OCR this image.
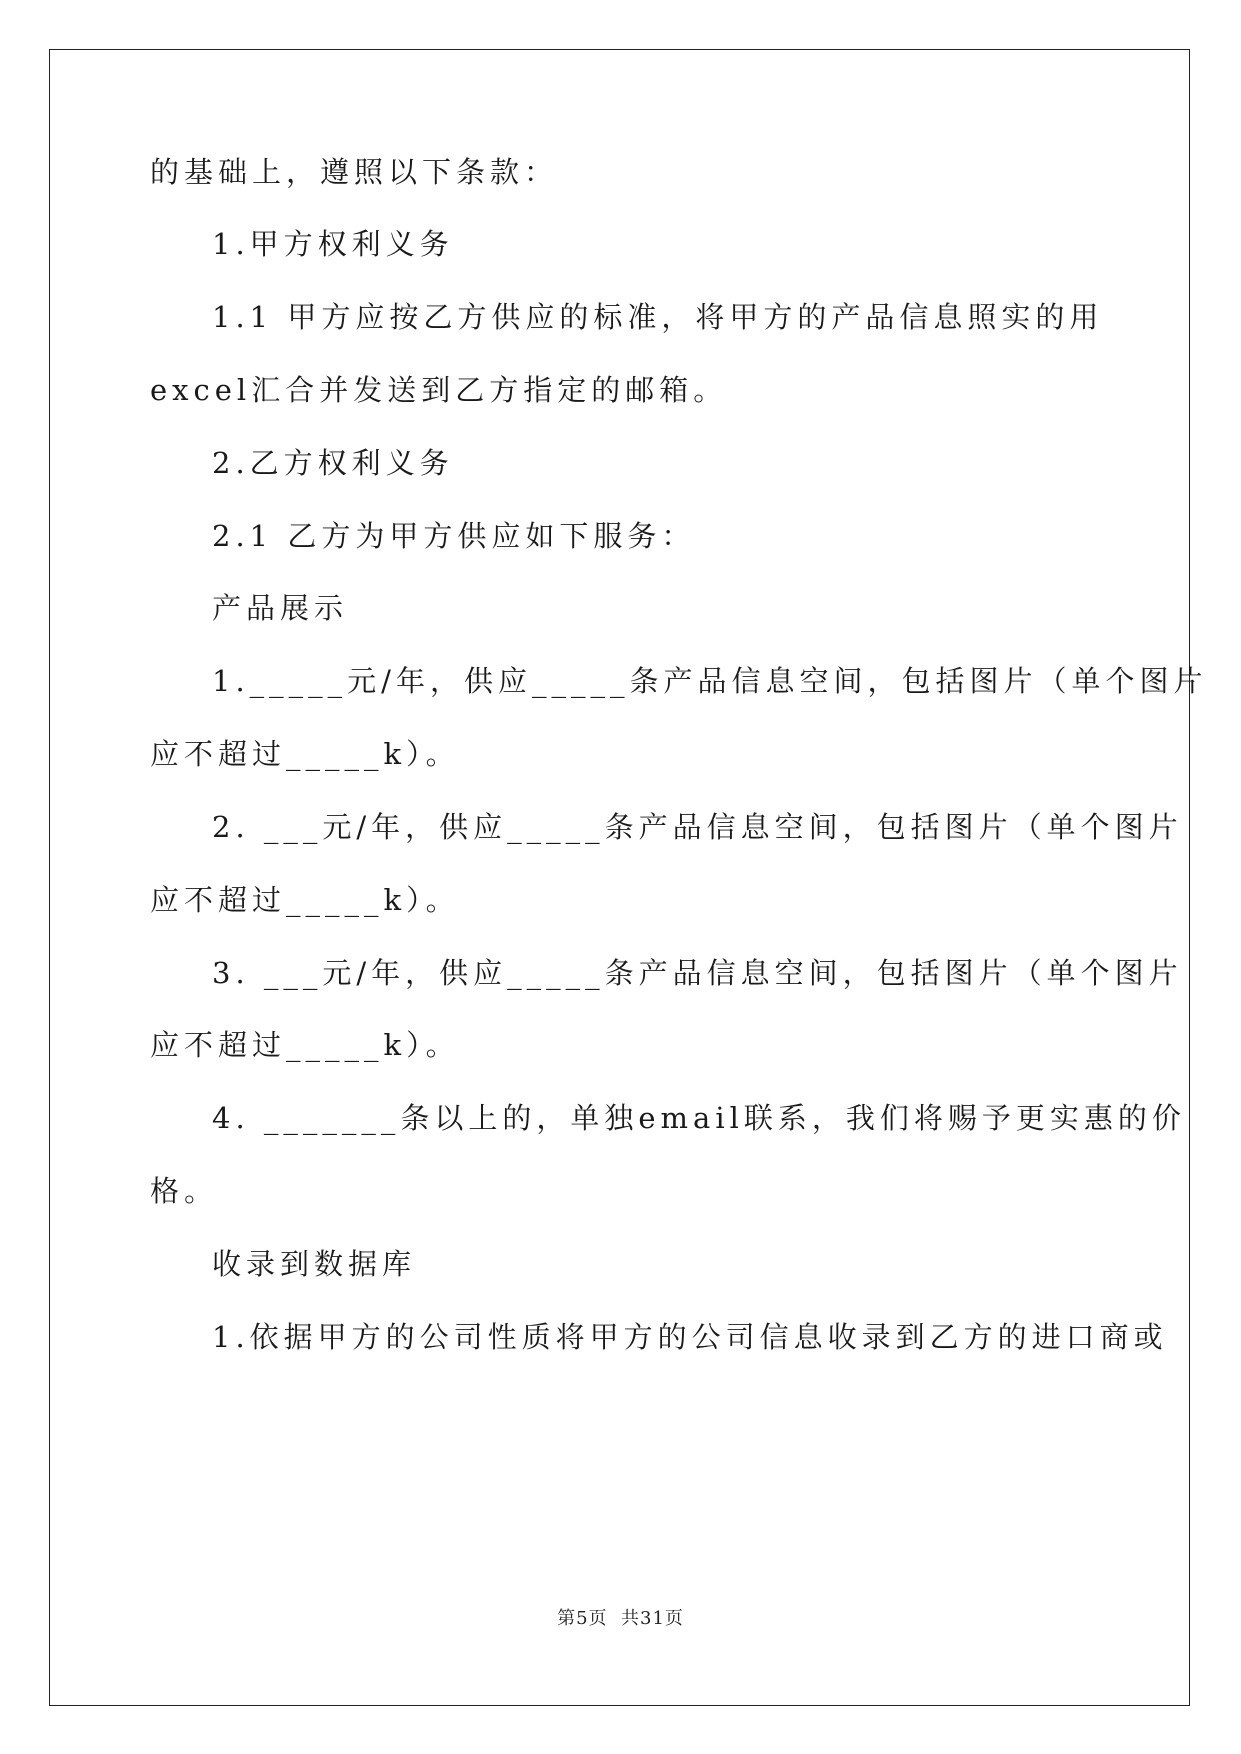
的基础上，遵照以下条款：
1.甲方权利义务
1.1 甲方应按乙方供应的标准，将甲方的产品信息照实的用
excel汇合并发送到乙方指定的邮箱。
2.乙方权利义务
2.1 乙方为甲方供应如下服务：
产品展示
1._____元/年，供应_____条产品信息空间，包括图片（单个图片
应不超过_____k）。
2. ___元/年，供应_____条产品信息空间，包括图片（单个图片
应不超过_____k）。
3. ___元/年，供应_____条产品信息空间，包括图片（单个图片
应不超过_____k）。
4. _______条以上的，单独email联系，我们将赐予更实惠的价
格。
收录到数据库
1.依据甲方的公司性质将甲方的公司信息收录到乙方的进口商或
第5页  共31页
